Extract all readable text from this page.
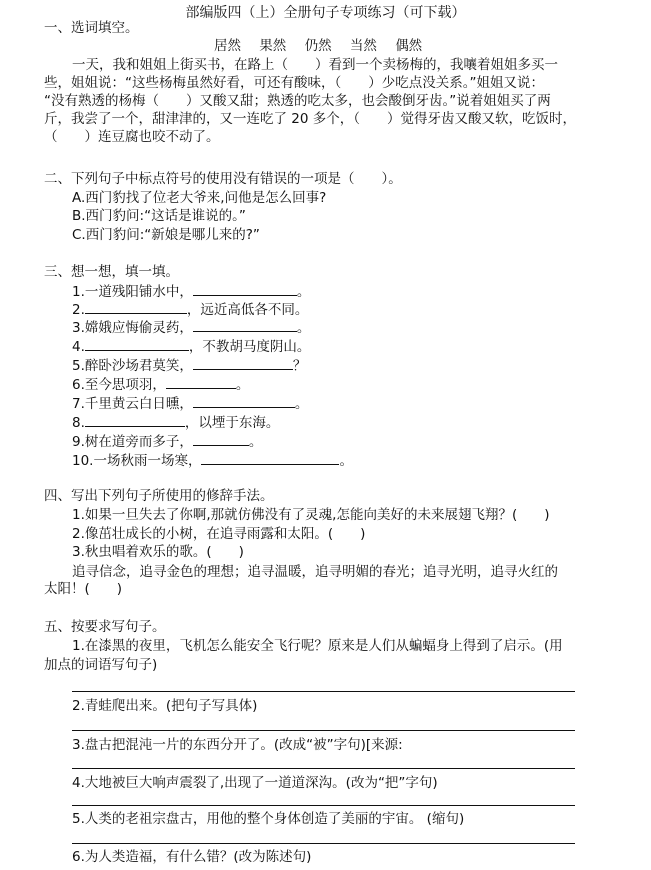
部编版四（上）全册句子专项练习（可下载）
一、选词填空。
居然 果然 仍然 当然 偶然
一天，我和姐姐上街买书，在路上（　　）看到一个卖杨梅的，我嚷着姐姐多买一
些，姐姐说：“这些杨梅虽然好看，可还有酸味，（　　）少吃点没关系。”姐姐又说：
“没有熟透的杨梅（　　）又酸又甜；熟透的吃太多，也会酸倒牙齿。”说着姐姐买了两
斤，我尝了一个，甜津津的，又一连吃了 20 多个，（　　）觉得牙齿又酸又软，吃饭时，
（　　）连豆腐也咬不动了。
二、下列句子中标点符号的使用没有错误的一项是（　　）。
A.西门豹找了位老大爷来,问他是怎么回事?
B.西门豹问:“这话是谁说的。”
C.西门豹问:“新娘是哪儿来的?”
三、想一想，填一填。
1.一道残阳铺水中，	。
2.	，远近高低各不同。
3.嫦娥应悔偷灵药，	。
4.	，不教胡马度阴山。
5.醉卧沙场君莫笑，	？
6.至今思项羽，	。
7.千里黄云白日曛，	。
8.	，以堙于东海。
9.树在道旁而多子，	。
10.一场秋雨一场寒，	。
四、写出下列句子所使用的修辞手法。
1.如果一旦失去了你啊,那就仿佛没有了灵魂,怎能向美好的未来展翅飞翔？(　　)
2.像茁壮成长的小树，在追寻雨露和太阳。(　　)
3.秋虫唱着欢乐的歌。(　　)
追寻信念，追寻金色的理想；追寻温暖，追寻明媚的春光；追寻光明，追寻火红的
太阳！(　　)
五、按要求写句子。
1.在漆黑的夜里，飞机怎么能安全飞行呢？原来是人们从蝙蝠身上得到了启示。(用
加点的词语写句子)
2.青蛙爬出来。(把句子写具体)
3.盘古把混沌一片的东西分开了。(改成“被”字句)[来源:
4.大地被巨大响声震裂了,出现了一道道深沟。(改为“把”字句)
5.人类的老祖宗盘古，用他的整个身体创造了美丽的宇宙。 (缩句)
6.为人类造福，有什么错？(改为陈述句)
